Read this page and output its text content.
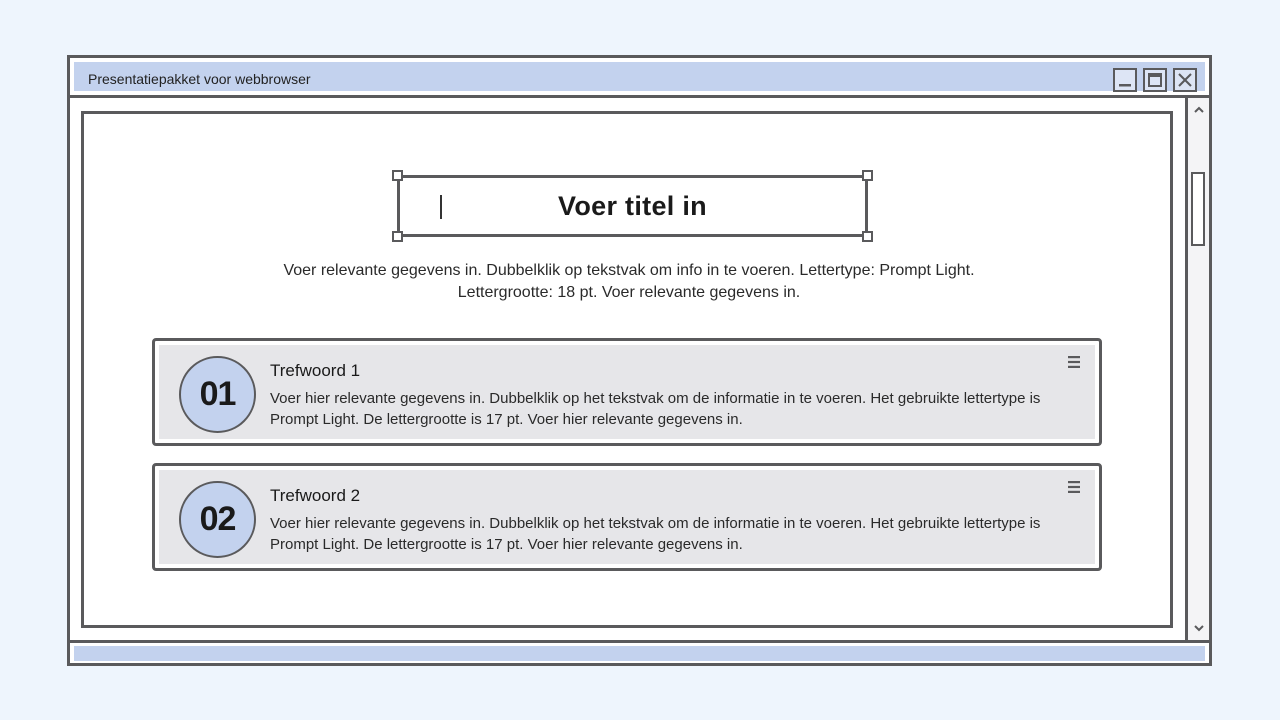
Presentatiepakket voor webbrowser
Voer titel in

Voer relevante gegevens in. Dubbelklik op tekstvak om info in te voeren. Lettertype: Prompt Light. Lettergrootte: 18 pt. Voer relevante gegevens in.

01
Trefwoord 1

Voer hier relevante gegevens in. Dubbelklik op het tekstvak om de informatie in te voeren. Het gebruikte lettertype is Prompt Light. De lettergrootte is 17 pt. Voer hier relevante gegevens in.

02
Trefwoord 2

Voer hier relevante gegevens in. Dubbelklik op het tekstvak om de informatie in te voeren. Het gebruikte lettertype is Prompt Light. De lettergrootte is 17 pt. Voer hier relevante gegevens in.
